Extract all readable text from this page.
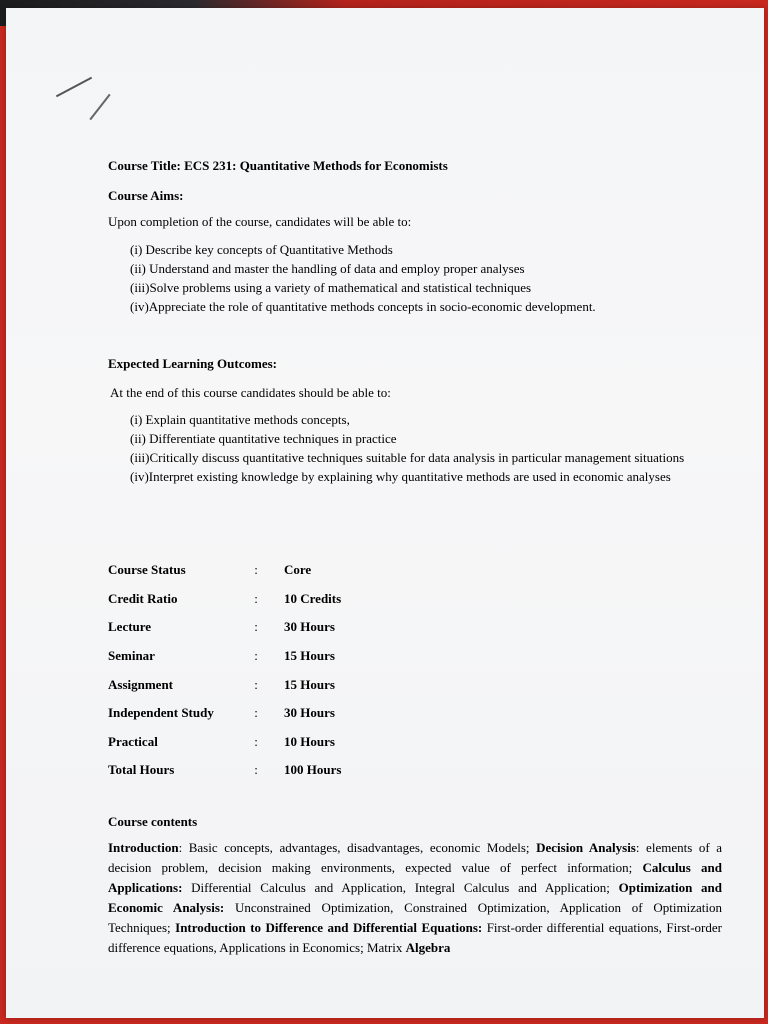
Course Title: ECS 231: Quantitative Methods for Economists
Course Aims:
Upon completion of the course, candidates will be able to:
(i) Describe key concepts of Quantitative Methods
(ii) Understand and master the handling of data and employ proper analyses
(iii)Solve problems using a variety of mathematical and statistical techniques
(iv)Appreciate the role of quantitative methods concepts in socio-economic development.
Expected Learning Outcomes:
At the end of this course candidates should be able to:
(i) Explain quantitative methods concepts,
(ii) Differentiate quantitative techniques in practice
(iii)Critically discuss quantitative techniques suitable for data analysis in particular management situations
(iv)Interpret existing knowledge by explaining why quantitative methods are used in economic analyses
Course Status	:	Core
Credit Ratio	:	10 Credits
Lecture	:	30 Hours
Seminar	:	15 Hours
Assignment	:	15 Hours
Independent Study	:	30 Hours
Practical	:	10 Hours
Total Hours	:	100 Hours
Course contents
Introduction: Basic concepts, advantages, disadvantages, economic Models; Decision Analysis: elements of a decision problem, decision making environments, expected value of perfect information; Calculus and Applications: Differential Calculus and Application, Integral Calculus and Application; Optimization and Economic Analysis: Unconstrained Optimization, Constrained Optimization, Application of Optimization Techniques; Introduction to Difference and Differential Equations: First-order differential equations, First-order difference equations, Applications in Economics; Matrix Algebra
